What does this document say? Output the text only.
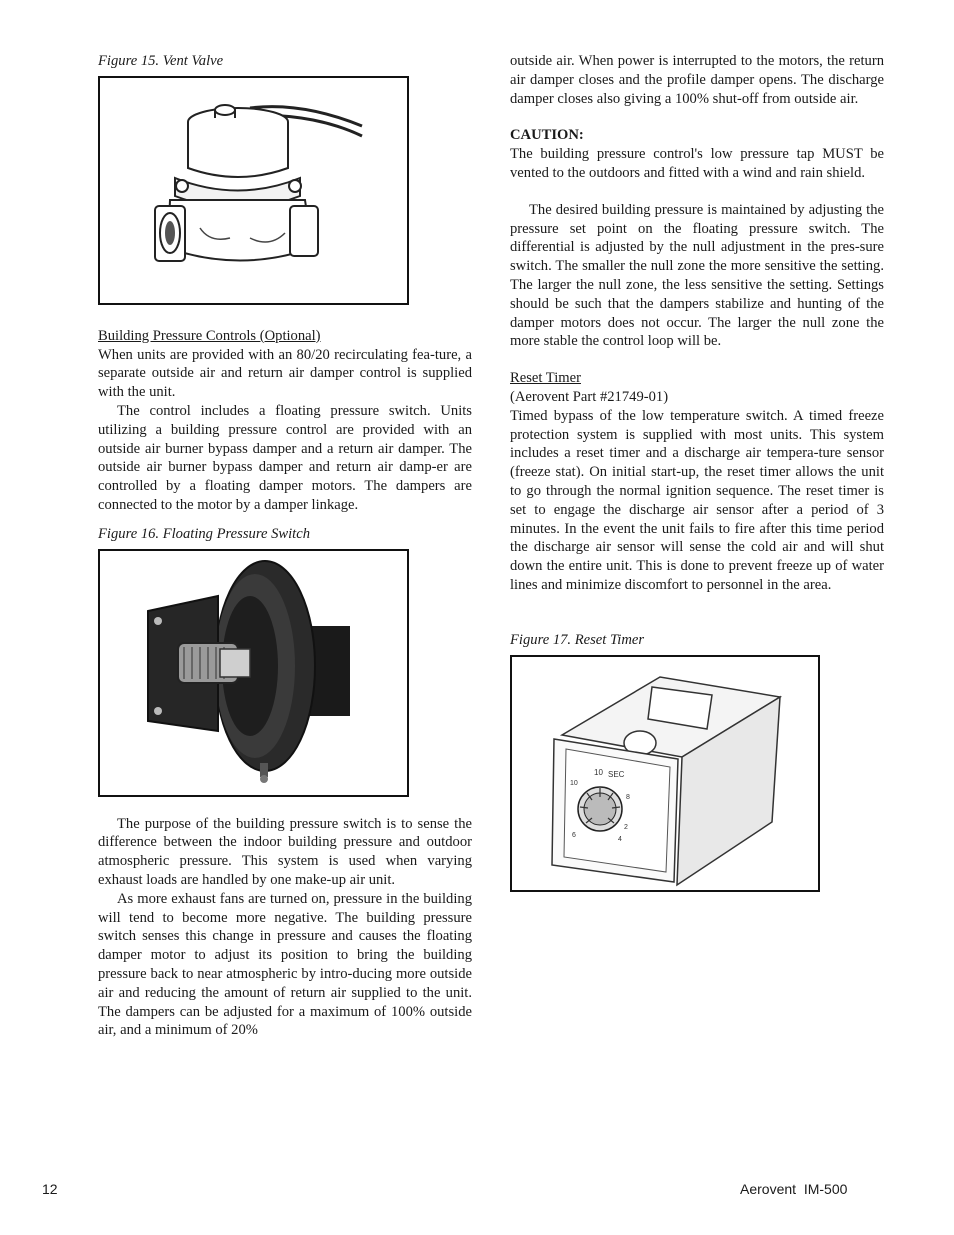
Figure 15. Vent Valve

Building Pressure Controls (Optional)

When units are provided with an 80/20 recirculating fea-ture, a separate outside air and return air damper control is supplied with the unit.

The control includes a floating pressure switch. Units utilizing a building pressure control are provided with an outside air burner bypass damper and a return air damper. The outside air burner bypass damper and return air damp-er are controlled by a floating damper motors. The dampers are connected to the motor by a damper linkage.

Figure 16. Floating Pressure Switch

The purpose of the building pressure switch is to sense the difference between the indoor building pressure and outdoor atmospheric pressure. This system is used when varying exhaust loads are handled by one make-up air unit.

As more exhaust fans are turned on, pressure in the building will tend to become more negative. The building pressure switch senses this change in pressure and causes the floating damper motor to adjust its position to bring the building pressure back to near atmospheric by intro-ducing more outside air and reducing the amount of return air supplied to the unit. The dampers can be adjusted for a maximum of 100% outside air, and a minimum of 20%

outside air. When power is interrupted to the motors, the return air damper closes and the profile damper opens. The discharge damper closes also giving a 100% shut-off from outside air.

CAUTION:

The building pressure control's low pressure tap MUST be vented to the outdoors and fitted with a wind and rain shield.

The desired building pressure is maintained by adjusting the pressure set point on the floating pressure switch. The differential is adjusted by the null adjustment in the pres-sure switch. The smaller the null zone the more sensitive the setting. The larger the null zone, the less sensitive the setting. Settings should be such that the dampers stabilize and hunting of the damper motors does not occur. The larger the null zone the more stable the control loop will be.

Reset Timer

(Aerovent Part #21749-01)

Timed bypass of the low temperature switch. A timed freeze protection system is supplied with most units. This system includes a reset timer and a discharge air tempera-ture sensor (freeze stat). On initial start-up, the reset timer allows the unit to go through the normal ignition sequence. The reset timer is set to engage the discharge air sensor after a period of 3 minutes. In the event the unit fails to fire after this time period the discharge air sensor will sense the cold air and will shut down the entire unit. This is done to prevent freeze up of water lines and minimize discomfort to personnel in the area.

Figure 17. Reset Timer

10 SEC
10
8
2
4
6
12	Aerovent  IM-500
